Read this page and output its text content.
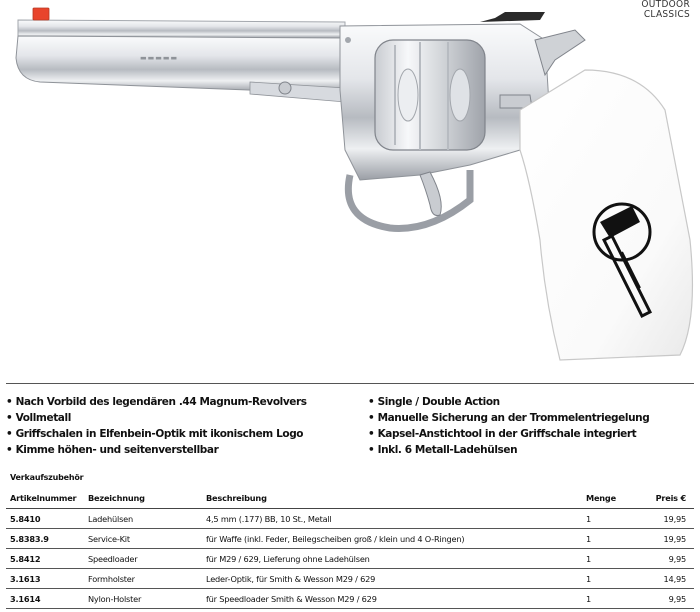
OUTDOOR
CLASSICS
▬▬▬▬▬
• Nach Vorbild des legendären .44 Magnum-Revolvers
• Vollmetall
• Griffschalen in Elfenbein-Optik mit ikonischem Logo
• Kimme höhen- und seitenverstellbar
• Single / Double Action
• Manuelle Sicherung an der Trommelentriegelung
• Kapsel-Anstichtool in der Griffschale integriert
• Inkl. 6 Metall-Ladehülsen
Verkaufszubehör
Artikelnummer	Bezeichnung	Beschreibung	Menge	Preis €
5.8410	Ladehülsen	4,5 mm (.177) BB, 10 St., Metall	1	19,95
5.8383.9	Service-Kit	für Waffe (inkl. Feder, Beilegscheiben groß / klein und 4 O-Ringen)	1	19,95
5.8412	Speedloader	für M29 / 629, Lieferung ohne Ladehülsen	1	9,95
3.1613	Formholster	Leder-Optik, für Smith & Wesson M29 / 629	1	14,95
3.1614	Nylon-Holster	für Speedloader Smith & Wesson M29 / 629	1	9,95
